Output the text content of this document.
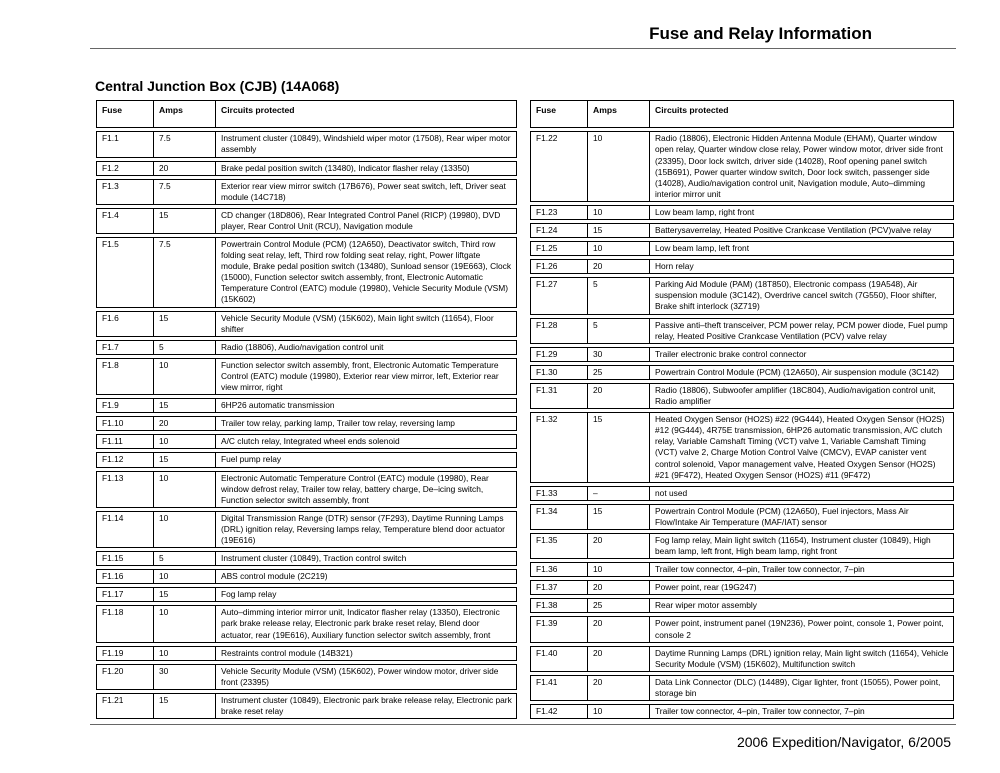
Fuse and Relay Information
Central Junction Box (CJB) (14A068)
Fuse	Amps	Circuits protected

F1.1	7.5	Instrument cluster (10849), Windshield wiper motor (17508), Rear wiper motor assembly

F1.2	20	Brake pedal position switch (13480), Indicator flasher relay (13350)

F1.3	7.5	Exterior rear view mirror switch (17B676), Power seat switch, left, Driver seat module (14C718)

F1.4	15	CD changer (18D806), Rear Integrated Control Panel (RICP) (19980), DVD player, Rear Control Unit (RCU), Navigation module

F1.5	7.5	Powertrain Control Module (PCM) (12A650), Deactivator switch, Third row folding seat relay, left, Third row folding seat relay, right, Power liftgate module, Brake pedal position switch (13480), Sunload sensor (19E663), Clock (15000), Function selector switch assembly, front, Electronic Automatic Temperature Control (EATC) module (19980), Vehicle Security Module (VSM) (15K602)

F1.6	15	Vehicle Security Module (VSM) (15K602), Main light switch (11654), Floor shifter

F1.7	5	Radio (18806), Audio/navigation control unit

F1.8	10	Function selector switch assembly, front, Electronic Automatic Temperature Control (EATC) module (19980), Exterior rear view mirror, left, Exterior rear view mirror, right

F1.9	15	6HP26 automatic transmission

F1.10	20	Trailer tow relay, parking lamp, Trailer tow relay, reversing lamp

F1.11	10	A/C clutch relay, Integrated wheel ends solenoid

F1.12	15	Fuel pump relay

F1.13	10	Electronic Automatic Temperature Control (EATC) module (19980), Rear window defrost relay, Trailer tow relay, battery charge, De–icing switch, Function selector switch assembly, front

F1.14	10	Digital Transmission Range (DTR) sensor (7F293), Daytime Running Lamps (DRL) ignition relay, Reversing lamps relay, Temperature blend door actuator (19E616)

F1.15	5	Instrument cluster (10849), Traction control switch

F1.16	10	ABS control module (2C219)

F1.17	15	Fog lamp relay

F1.18	10	Auto–dimming interior mirror unit, Indicator flasher relay (13350), Electronic park brake release relay, Electronic park brake reset relay, Blend door actuator, rear (19E616), Auxiliary function selector switch assembly, front

F1.19	10	Restraints control module (14B321)

F1.20	30	Vehicle Security Module (VSM) (15K602), Power window motor, driver side front (23395)

F1.21	15	Instrument cluster (10849), Electronic park brake release relay, Electronic park brake reset relay
Fuse	Amps	Circuits protected

F1.22	10	Radio (18806), Electronic Hidden Antenna Module (EHAM), Quarter window open relay, Quarter window close relay, Power window motor, driver side front (23395), Door lock switch, driver side (14028), Roof opening panel switch (15B691), Power quarter window switch, Door lock switch, passenger side (14028), Audio/navigation control unit, Navigation module, Auto–dimming interior mirror unit

F1.23	10	Low beam lamp, right front

F1.24	15	Batterysaverrelay, Heated Positive Crankcase Ventilation (PCV)valve relay

F1.25	10	Low beam lamp, left front

F1.26	20	Horn relay

F1.27	5	Parking Aid Module (PAM) (18T850), Electronic compass (19A548), Air suspension module (3C142), Overdrive cancel switch (7G550), Floor shifter, Brake shift interlock (3Z719)

F1.28	5	Passive anti–theft transceiver, PCM power relay, PCM power diode, Fuel pump relay, Heated Positive Crankcase Ventilation (PCV) valve relay

F1.29	30	Trailer electronic brake control connector

F1.30	25	Powertrain Control Module (PCM) (12A650), Air suspension module (3C142)

F1.31	20	Radio (18806), Subwoofer amplifier (18C804), Audio/navigation control unit, Radio amplifier

F1.32	15	Heated Oxygen Sensor (HO2S) #22 (9G444), Heated Oxygen Sensor (HO2S) #12 (9G444), 4R75E transmission, 6HP26 automatic transmission, A/C clutch relay, Variable Camshaft Timing (VCT) valve 1, Variable Camshaft Timing (VCT) valve 2, Charge Motion Control Valve (CMCV), EVAP canister vent control solenoid, Vapor management valve, Heated Oxygen Sensor (HO2S) #21 (9F472), Heated Oxygen Sensor (HO2S) #11 (9F472)

F1.33	–	not used

F1.34	15	Powertrain Control Module (PCM) (12A650), Fuel injectors, Mass Air Flow/Intake Air Temperature (MAF/IAT) sensor

F1.35	20	Fog lamp relay, Main light switch (11654), Instrument cluster (10849), High beam lamp, left front, High beam lamp, right front

F1.36	10	Trailer tow connector, 4–pin, Trailer tow connector, 7–pin

F1.37	20	Power point, rear (19G247)

F1.38	25	Rear wiper motor assembly

F1.39	20	Power point, instrument panel (19N236), Power point, console 1, Power point, console 2

F1.40	20	Daytime Running Lamps (DRL) ignition relay, Main light switch (11654), Vehicle Security Module (VSM) (15K602), Multifunction switch

F1.41	20	Data Link Connector (DLC) (14489), Cigar lighter, front (15055), Power point, storage bin

F1.42	10	Trailer tow connector, 4–pin, Trailer tow connector, 7–pin
2006 Expedition/Navigator, 6/2005
